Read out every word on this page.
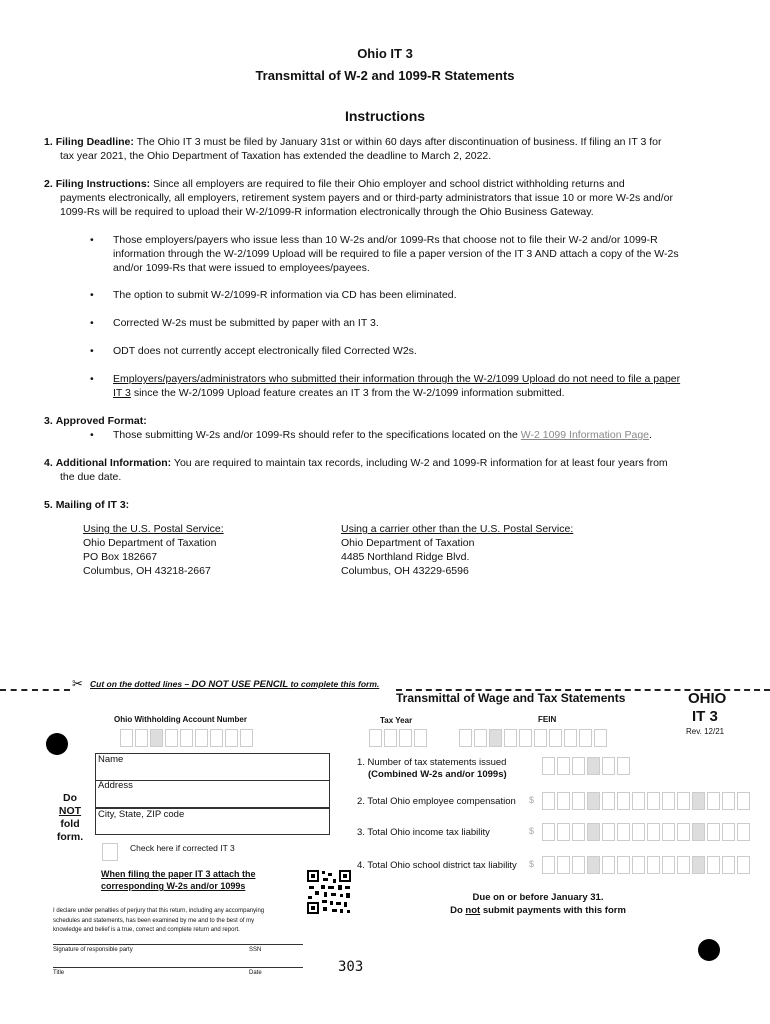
Ohio IT 3
Transmittal of W-2 and 1099-R Statements
Instructions
1. Filing Deadline: The Ohio IT 3 must be filed by January 31st or within 60 days after discontinuation of business. If filing an IT 3 for
tax year 2021, the Ohio Department of Taxation has extended the deadline to March 2, 2022.
2. Filing Instructions: Since all employers are required to file their Ohio employer and school district withholding returns and
payments electronically, all employers, retirement system payers and or third-party administrators that issue 10 or more W-2s and/or
1099-Rs will be required to upload their W-2/1099-R information electronically through the Ohio Business Gateway.
• Those employers/payers who issue less than 10 W-2s and/or 1099-Rs that choose not to file their W-2 and/or 1099-R
information through the W-2/1099 Upload will be required to file a paper version of the IT 3 AND attach a copy of the W-2s
and/or 1099-Rs that were issued to employees/payees.
• The option to submit W-2/1099-R information via CD has been eliminated.
• Corrected W-2s must be submitted by paper with an IT 3.
• ODT does not currently accept electronically filed Corrected W2s.
• Employers/payers/administrators who submitted their information through the W-2/1099 Upload do not need to file a paper
IT 3 since the W-2/1099 Upload feature creates an IT 3 from the W-2/1099 information submitted.
3. Approved Format:
• Those submitting W-2s and/or 1099-Rs should refer to the specifications located on the W-2 1099 Information Page.
4. Additional Information: You are required to maintain tax records, including W-2 and 1099-R information for at least four years from
the due date.
5. Mailing of IT 3:
Using the U.S. Postal Service:
Ohio Department of Taxation
PO Box 182667
Columbus, OH 43218-2667
Using a carrier other than the U.S. Postal Service:
Ohio Department of Taxation
4485 Northland Ridge Blvd.
Columbus, OH 43229-6596
✂ Cut on the dotted lines – DO NOT USE PENCIL to complete this form.
Transmittal of Wage and Tax Statements	OHIO
IT 3
Rev. 12/21
Ohio Withholding Account Number	Tax Year	FEIN
Name
Address
City, State, ZIP code
Do
NOT
fold
form.
Check here if corrected IT 3
When filing the paper IT 3 attach the
corresponding W-2s and/or 1099s
1. Number of tax statements issued
(Combined W-2s and/or 1099s)
2. Total Ohio employee compensation $
3. Total Ohio income tax liability	$
4. Total Ohio school district tax liability $
Due on or before January 31.
Do not submit payments with this form
I declare under penalties of perjury that this return, including any accompanying
schedules and statements, has been examined by me and to the best of my
knowledge and belief is a true, correct and complete return and report.
Signature of responsible party	SSN
Title	Date	303
